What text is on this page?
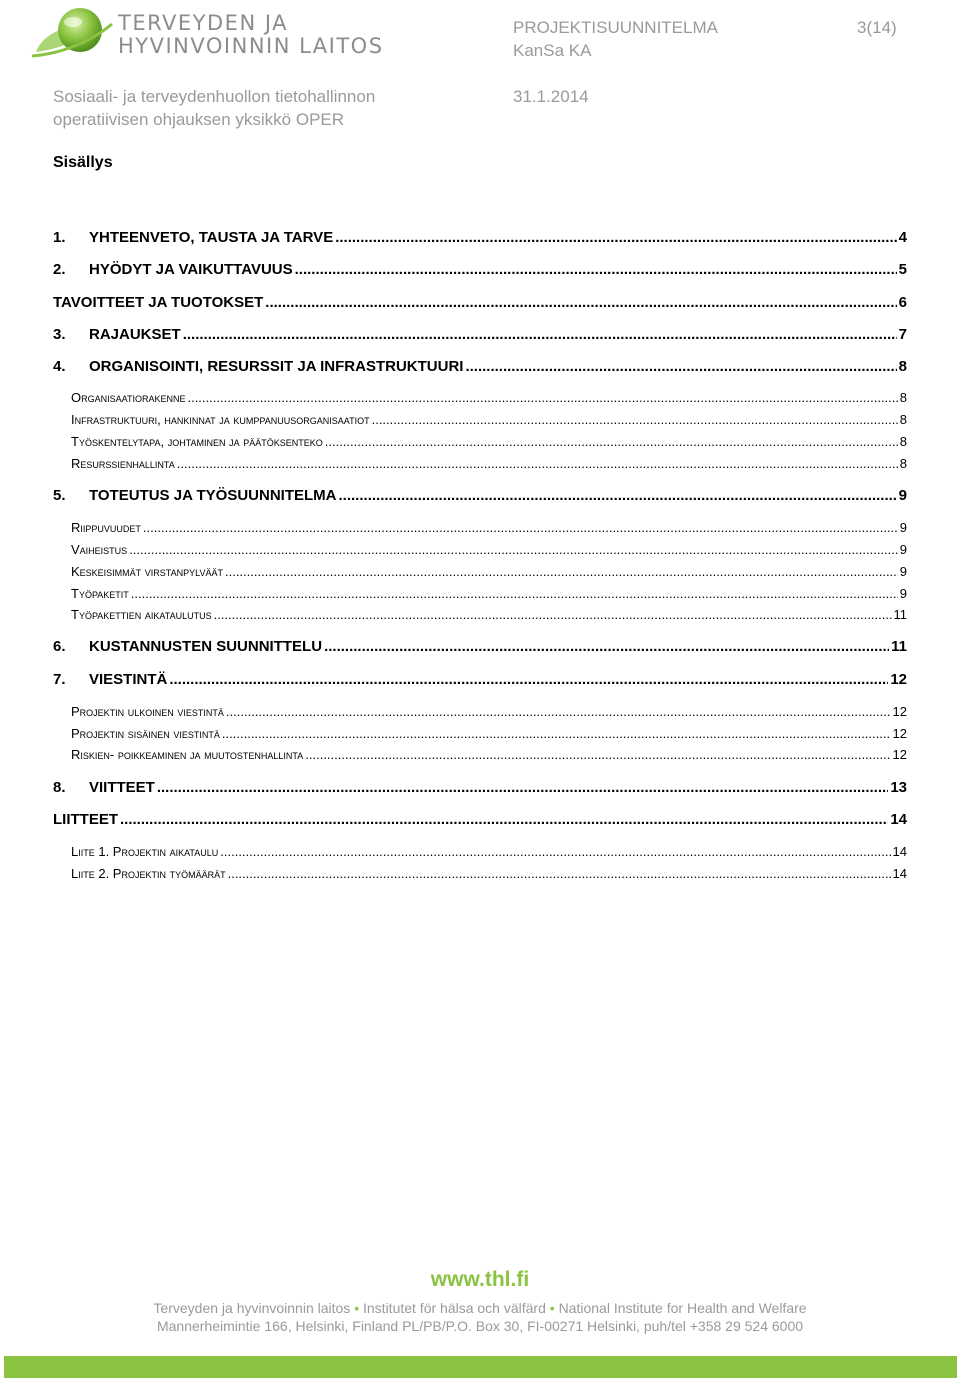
TERVEYDEN JA
HYVINVOINNIN LAITOS
PROJEKTISUUNNITELMA
KanSa KA
3(14)
Sosiaali- ja terveydenhuollon tietohallinnon
operatiivisen ohjauksen yksikkö OPER
31.1.2014
Sisällys
1.	YHTEENVETO, TAUSTA JA TARVE .....	4
2.	HYÖDYT JA VAIKUTTAVUUS .....	5
TAVOITTEET JA TUOTOKSET .....	6
3.	RAJAUKSET .....	7
4.	ORGANISOINTI, RESURSSIT JA INFRASTRUKTUURI .....	8
Organisaatiorakenne .....	8
Infrastruktuuri, hankinnat ja kumppanuusorganisaatiot .....	8
Työskentelytapa, johtaminen ja päätöksenteko .....	8
Resurssienhallinta .....	8
5.	TOTEUTUS JA TYÖSUUNNITELMA .....	9
Riippuvuudet .....	9
Vaiheistus .....	9
Keskeisimmät virstanpylväät .....	9
Työpaketit .....	9
Työpakettien aikataulutus .....	11
6.	KUSTANNUSTEN SUUNNITTELU .....	11
7.	VIESTINTÄ .....	12
Projektin ulkoinen viestintä .....	12
Projektin sisäinen viestintä .....	12
Riskien- poikkeaminen ja muutostenhallinta .....	12
8.	VIITTEET .....	13
LIITTEET .....	14
Liite 1. Projektin aikataulu .....	14
Liite 2. Projektin työmäärät .....	14
www.thl.fi
Terveyden ja hyvinvoinnin laitos • Institutet för hälsa och välfärd • National Institute for Health and Welfare
Mannerheimintie 166, Helsinki, Finland PL/PB/P.O. Box 30, FI-00271 Helsinki, puh/tel +358 29 524 6000
